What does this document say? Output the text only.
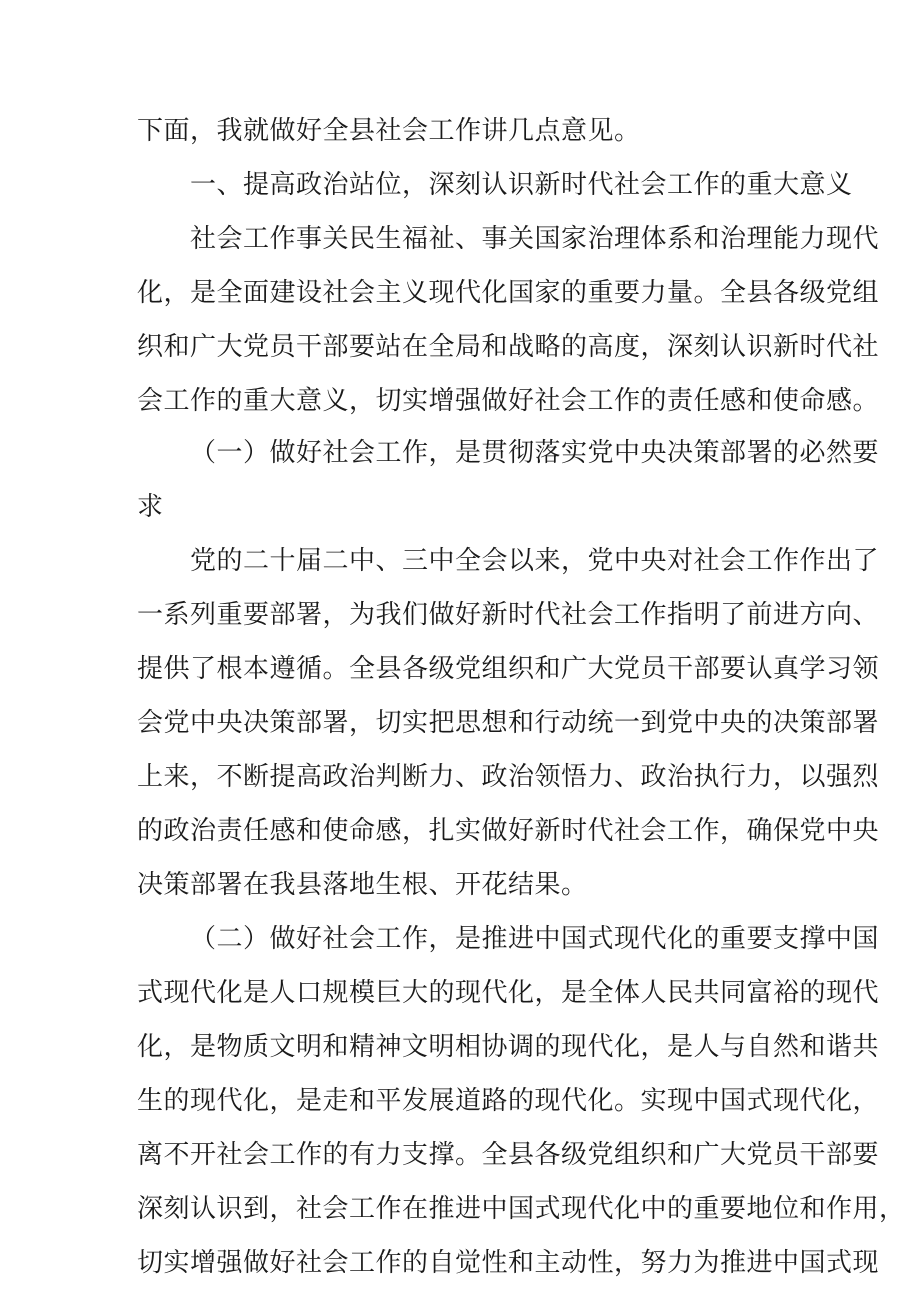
下面，我就做好全县社会工作讲几点意见。
一、提高政治站位，深刻认识新时代社会工作的重大意义
社会工作事关民生福祉、事关国家治理体系和治理能力现代
化，是全面建设社会主义现代化国家的重要力量。全县各级党组
织和广大党员干部要站在全局和战略的高度，深刻认识新时代社
会工作的重大意义，切实增强做好社会工作的责任感和使命感。
（一）做好社会工作，是贯彻落实党中央决策部署的必然要
求
党的二十届二中、三中全会以来，党中央对社会工作作出了
一系列重要部署，为我们做好新时代社会工作指明了前进方向、
提供了根本遵循。全县各级党组织和广大党员干部要认真学习领
会党中央决策部署，切实把思想和行动统一到党中央的决策部署
上来，不断提高政治判断力、政治领悟力、政治执行力，以强烈
的政治责任感和使命感，扎实做好新时代社会工作，确保党中央
决策部署在我县落地生根、开花结果。
（二）做好社会工作，是推进中国式现代化的重要支撑中国
式现代化是人口规模巨大的现代化，是全体人民共同富裕的现代
化，是物质文明和精神文明相协调的现代化，是人与自然和谐共
生的现代化，是走和平发展道路的现代化。实现中国式现代化，
离不开社会工作的有力支撑。全县各级党组织和广大党员干部要
深刻认识到，社会工作在推进中国式现代化中的重要地位和作用，
切实增强做好社会工作的自觉性和主动性，努力为推进中国式现
